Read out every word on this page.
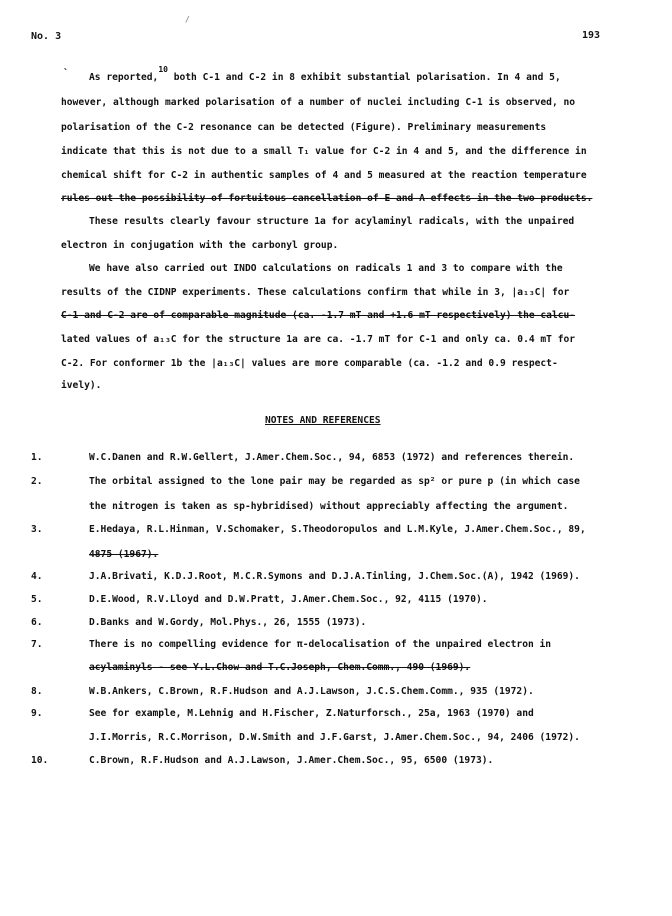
No. 3
/
193
` As reported,$^{10}$ both C-1 and C-2 in 8 exhibit substantial polarisation. In 4 and 5,
however, although marked polarisation of a number of nuclei including C-1 is observed, no
polarisation of the C-2 resonance can be detected (Figure). Preliminary measurements
indicate that this is not due to a small T₁ value for C-2 in 4 and 5, and the difference in
chemical shift for C-2 in authentic samples of 4 and 5 measured at the reaction temperature
rules out the possibility of fortuitous cancellation of E and A effects in the two products.
These results clearly favour structure 1a for acylaminyl radicals, with the unpaired
electron in conjugation with the carbonyl group.
We have also carried out INDO calculations on radicals 1 and 3 to compare with the
results of the CIDNP experiments. These calculations confirm that while in 3, |a₁₃C| for
C-1 and C-2 are of comparable magnitude (ca. -1.7 mT and +1.6 mT respectively) the calcu-
lated values of a₁₃C for the structure 1a are ca. -1.7 mT for C-1 and only ca. 0.4 mT for
C-2. For conformer 1b the |a₁₃C| values are more comparable (ca. -1.2 and 0.9 respect-
ively).
NOTES AND REFERENCES
1.	W.C.Danen and R.W.Gellert, J.Amer.Chem.Soc., 94, 6853 (1972) and references therein.
2.	The orbital assigned to the lone pair may be regarded as sp² or pure p (in which case
the nitrogen is taken as sp-hybridised) without appreciably affecting the argument.
3.	E.Hedaya, R.L.Hinman, V.Schomaker, S.Theodoropulos and L.M.Kyle, J.Amer.Chem.Soc., 89,
4875 (1967).
4.	J.A.Brivati, K.D.J.Root, M.C.R.Symons and D.J.A.Tinling, J.Chem.Soc.(A), 1942 (1969).
5.	D.E.Wood, R.V.Lloyd and D.W.Pratt, J.Amer.Chem.Soc., 92, 4115 (1970).
6.	D.Banks and W.Gordy, Mol.Phys., 26, 1555 (1973).
7.	There is no compelling evidence for π-delocalisation of the unpaired electron in
acylaminyls - see Y.L.Chow and T.C.Joseph, Chem.Comm., 490 (1969).
8.	W.B.Ankers, C.Brown, R.F.Hudson and A.J.Lawson, J.C.S.Chem.Comm., 935 (1972).
9.	See for example, M.Lehnig and H.Fischer, Z.Naturforsch., 25a, 1963 (1970) and
J.I.Morris, R.C.Morrison, D.W.Smith and J.F.Garst, J.Amer.Chem.Soc., 94, 2406 (1972).
10.	C.Brown, R.F.Hudson and A.J.Lawson, J.Amer.Chem.Soc., 95, 6500 (1973).
